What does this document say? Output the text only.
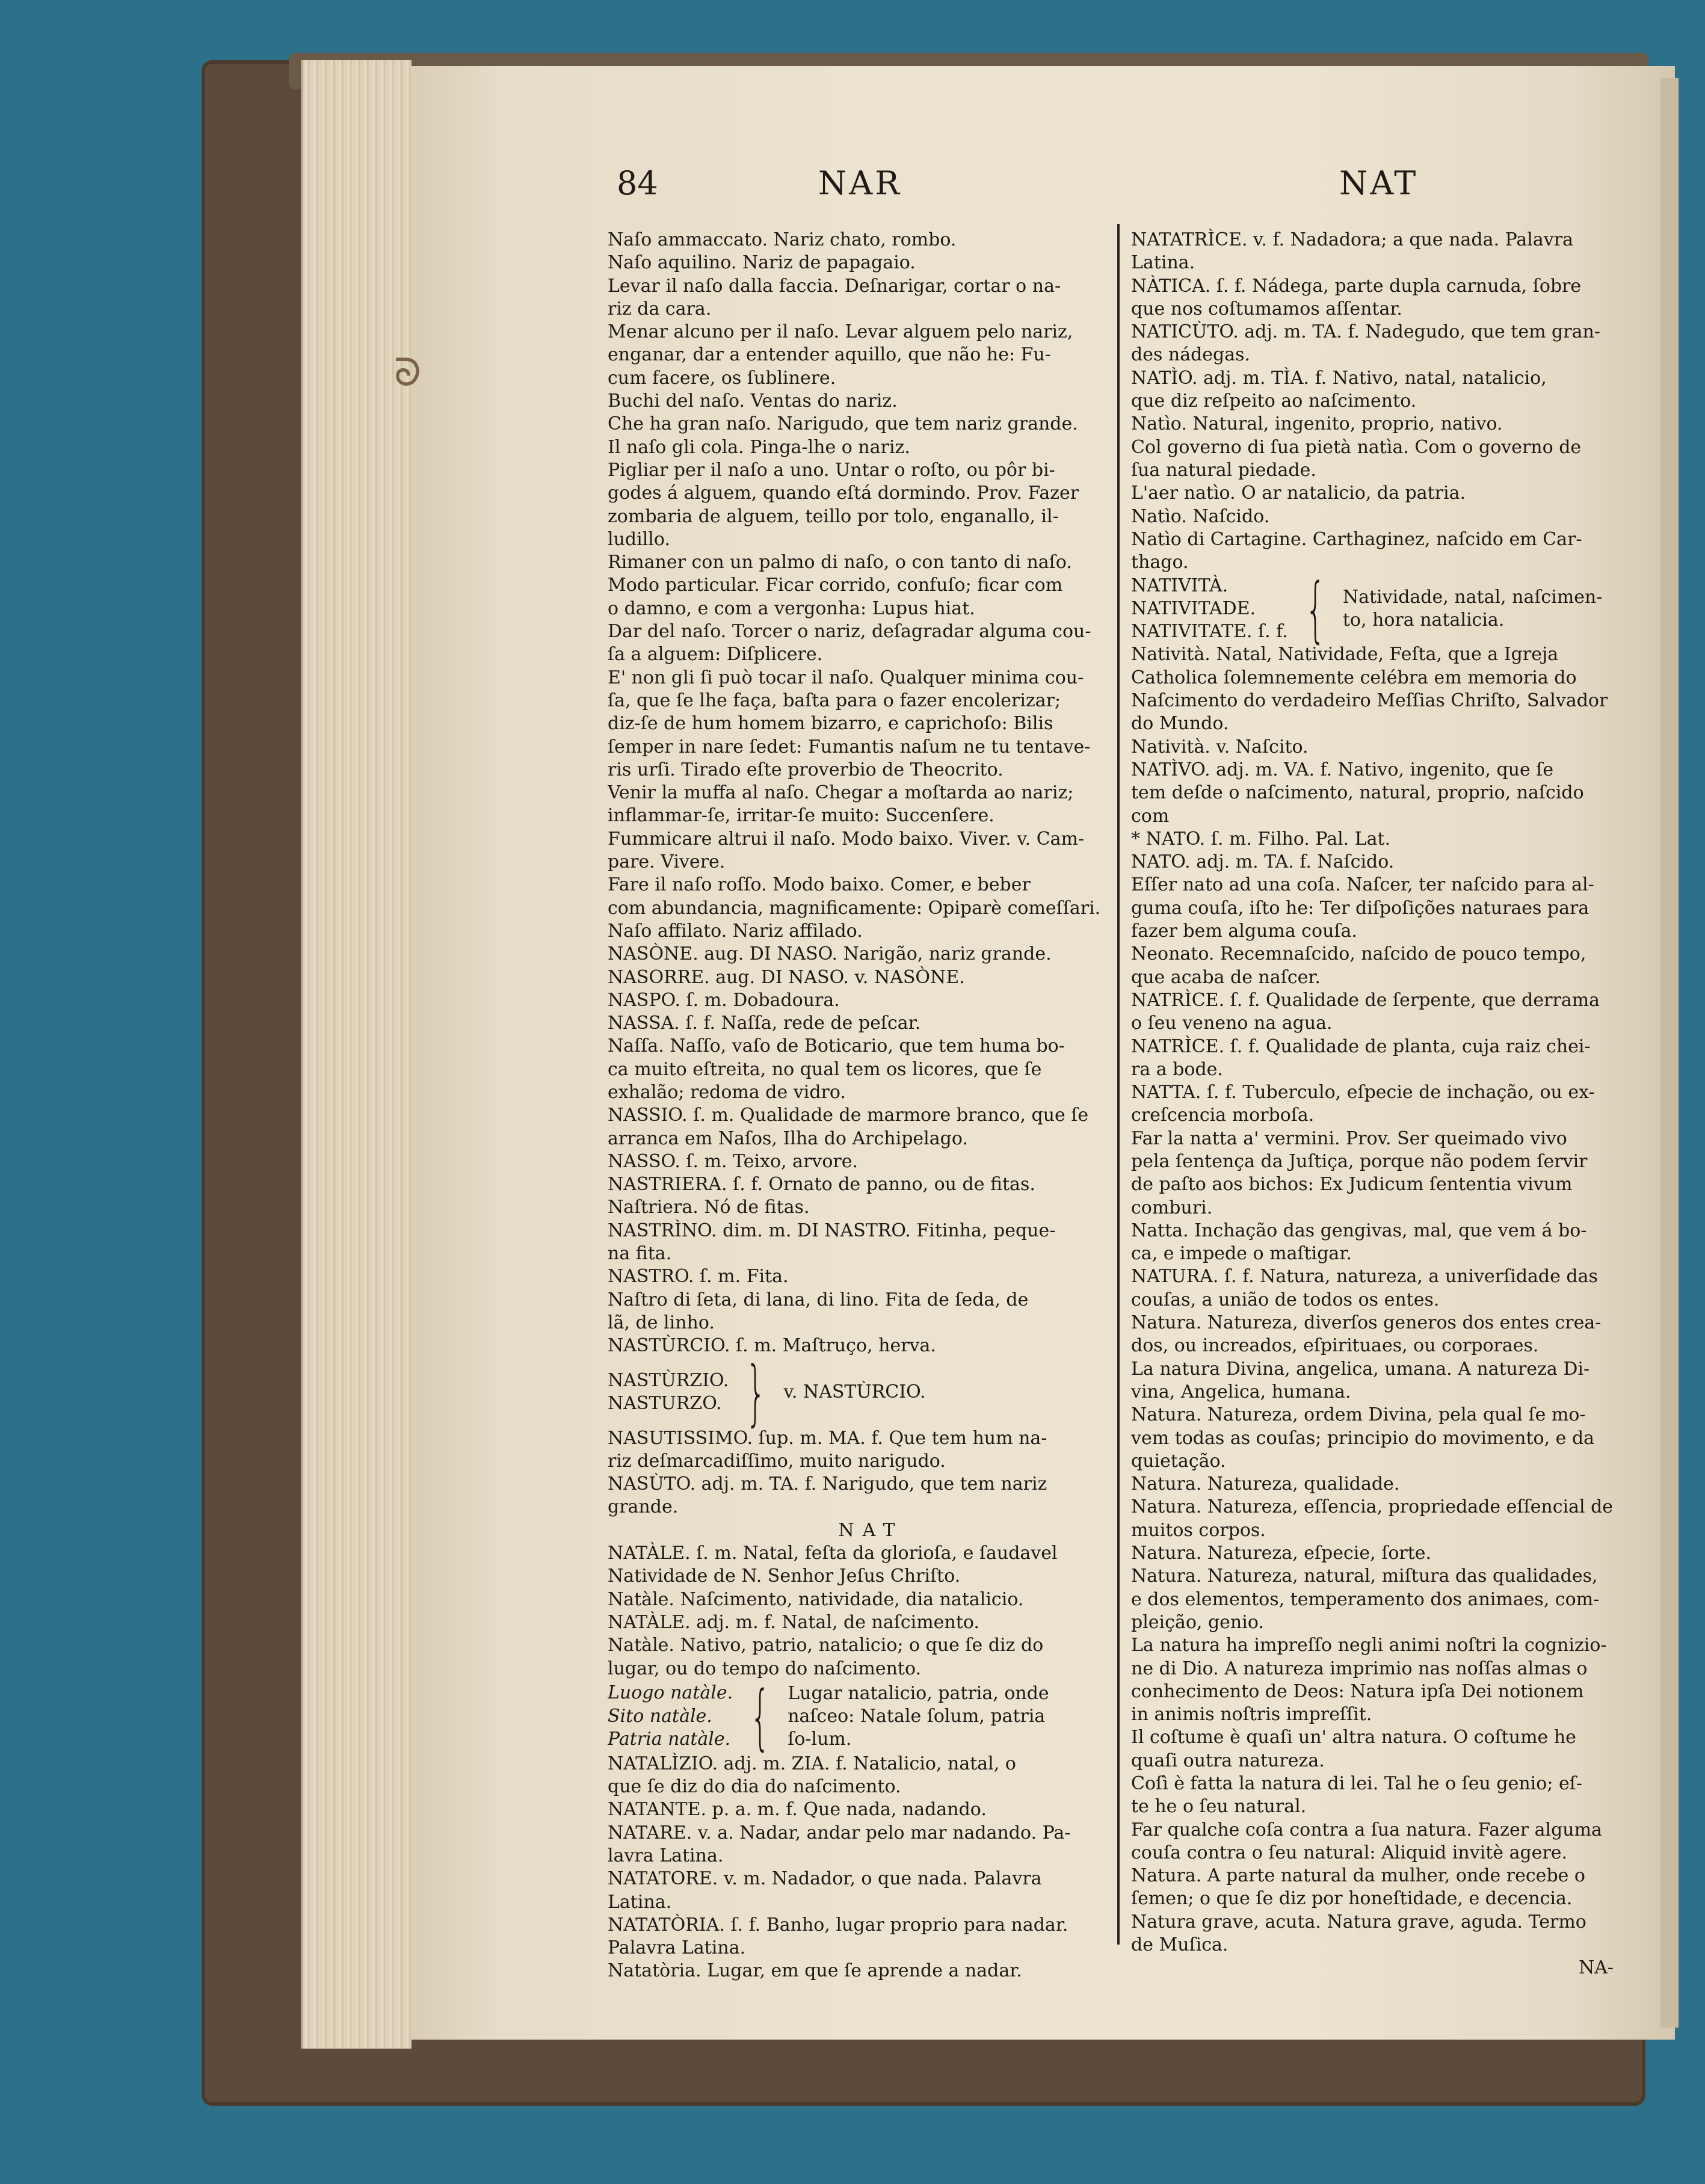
ᘐ
84	NAR	NAT
Naſo ammaccato. Nariz chato, rombo.
Naſo aquilino. Nariz de papagaio.
Levar il naſo dalla faccia. Deſnarigar, cortar o na-
riz da cara.
Menar alcuno per il naſo. Levar alguem pelo nariz,
enganar, dar a entender aquillo, que não he: Fu-
cum facere, os ſublinere.
Buchi del naſo. Ventas do nariz.
Che ha gran naſo. Narigudo, que tem nariz grande.
Il naſo gli cola. Pinga-lhe o nariz.
Pigliar per il naſo a uno. Untar o roſto, ou pôr bi-
godes á alguem, quando eſtá dormindo. Prov. Fazer
zombaria de alguem, teillo por tolo, enganallo, il-
ludillo.
Rimaner con un palmo di naſo, o con tanto di naſo.
Modo particular. Ficar corrido, confuſo; ficar com
o damno, e com a vergonha: Lupus hiat.
Dar del naſo. Torcer o nariz, deſagradar alguma cou-
ſa a alguem: Diſplicere.
E' non gli ſi può tocar il naſo. Qualquer minima cou-
ſa, que ſe lhe faça, baſta para o fazer encolerizar;
diz-ſe de hum homem bizarro, e caprichoſo: Bilis
ſemper in nare ſedet: Fumantis naſum ne tu tentave-
ris urſi. Tirado eſte proverbio de Theocrito.
Venir la muffa al naſo. Chegar a moſtarda ao nariz;
inflammar-ſe, irritar-ſe muito: Succenſere.
Fummicare altrui il naſo. Modo baixo. Viver. v. Cam-
pare. Vivere.
Fare il naſo roſſo. Modo baixo. Comer, e beber
com abundancia, magnificamente: Opiparè comeſſari.
Naſo affilato. Nariz affilado.
NASÒNE. aug. DI NASO. Narigão, nariz grande.
NASORRE. aug. DI NASO. v. NASÒNE.
NASPO. ſ. m. Dobadoura.
NASSA. ſ. f. Naſſa, rede de peſcar.
Naſſa. Naſſo, vaſo de Boticario, que tem huma bo-
ca muito eſtreita, no qual tem os licores, que ſe
exhalão; redoma de vidro.
NASSIO. ſ. m. Qualidade de marmore branco, que ſe
arranca em Naſos, Ilha do Archipelago.
NASSO. ſ. m. Teixo, arvore.
NASTRIERA. ſ. f. Ornato de panno, ou de fitas.
Naſtriera. Nó de fitas.
NASTRÌNO. dim. m. DI NASTRO. Fitinha, peque-
na fita.
NASTRO. ſ. m. Fita.
Naſtro di ſeta, di lana, di lino. Fita de ſeda, de
lã, de linho.
NASTÙRCIO. ſ. m. Maſtruço, herva.
NASTÙRZIO.
NASTURZO. } v. NASTÙRCIO.
NASUTISSIMO. ſup. m. MA. f. Que tem hum na-
riz deſmarcadiſſimo, muito narigudo.
NASÙTO. adj. m. TA. f. Narigudo, que tem nariz
grande.
NAT
NATÀLE. ſ. m. Natal, feſta da glorioſa, e ſaudavel
Natividade de N. Senhor Jeſus Chriſto.
Natàle. Naſcimento, natividade, dia natalicio.
NATÀLE. adj. m. f. Natal, de naſcimento.
Natàle. Nativo, patrio, natalicio; o que ſe diz do
lugar, ou do tempo do naſcimento.
Luogo natàle.
Sito natàle.
Patria natàle. { Lugar natalicio, patria, onde naſceo: Natale ſolum, patria ſo-lum.
NATALÌZIO. adj. m. ZIA. f. Natalicio, natal, o
que ſe diz do dia do naſcimento.
NATANTE. p. a. m. f. Que nada, nadando.
NATARE. v. a. Nadar, andar pelo mar nadando. Pa-
lavra Latina.
NATATORE. v. m. Nadador, o que nada. Palavra
Latina.
NATATÒRIA. ſ. f. Banho, lugar proprio para nadar.
Palavra Latina.
Natatòria. Lugar, em que ſe aprende a nadar.
NATATRÌCE. v. f. Nadadora; a que nada. Palavra
Latina.
NÀTICA. ſ. f. Nádega, parte dupla carnuda, ſobre
que nos coſtumamos aſſentar.
NATICÙTO. adj. m. TA. f. Nadegudo, que tem gran-
des nádegas.
NATÌO. adj. m. TÌA. f. Nativo, natal, natalicio,
que diz reſpeito ao naſcimento.
Natìo. Natural, ingenito, proprio, nativo.
Col governo di ſua pietà natìa. Com o governo de
ſua natural piedade.
L'aer natìo. O ar natalicio, da patria.
Natìo. Naſcido.
Natìo di Cartagine. Carthaginez, naſcido em Car-
thago.
NATIVITÀ.
NATIVITADE.
NATIVITATE. ſ. f. { Natividade, natal, naſcimen-to, hora natalicia.
Natività. Natal, Natividade, Feſta, que a Igreja
Catholica ſolemnemente celébra em memoria do
Naſcimento do verdadeiro Meſſias Chriſto, Salvador
do Mundo.
Natività. v. Naſcito.
NATÌVO. adj. m. VA. f. Nativo, ingenito, que ſe
tem deſde o naſcimento, natural, proprio, naſcido
com
* NATO. ſ. m. Filho. Pal. Lat.
NATO. adj. m. TA. f. Naſcido.
Eſſer nato ad una coſa. Naſcer, ter naſcido para al-
guma couſa, iſto he: Ter diſpoſições naturaes para
fazer bem alguma couſa.
Neonato. Recemnaſcido, naſcido de pouco tempo,
que acaba de naſcer.
NATRÌCE. ſ. f. Qualidade de ſerpente, que derrama
o ſeu veneno na agua.
NATRÌCE. ſ. f. Qualidade de planta, cuja raiz chei-
ra a bode.
NATTA. ſ. f. Tuberculo, eſpecie de inchação, ou ex-
creſcencia morboſa.
Far la natta a' vermini. Prov. Ser queimado vivo
pela ſentença da Juſtiça, porque não podem ſervir
de paſto aos bichos: Ex Judicum ſententia vivum
comburi.
Natta. Inchação das gengivas, mal, que vem á bo-
ca, e impede o maſtigar.
NATURA. ſ. f. Natura, natureza, a univerſidade das
couſas, a união de todos os entes.
Natura. Natureza, diverſos generos dos entes crea-
dos, ou increados, eſpirituaes, ou corporaes.
La natura Divina, angelica, umana. A natureza Di-
vina, Angelica, humana.
Natura. Natureza, ordem Divina, pela qual ſe mo-
vem todas as couſas; principio do movimento, e da
quietação.
Natura. Natureza, qualidade.
Natura. Natureza, eſſencia, propriedade eſſencial de
muitos corpos.
Natura. Natureza, eſpecie, ſorte.
Natura. Natureza, natural, miſtura das qualidades,
e dos elementos, temperamento dos animaes, com-
pleição, genio.
La natura ha impreſſo negli animi noſtri la cognizio-
ne di Dio. A natureza imprimio nas noſſas almas o
conhecimento de Deos: Natura ipſa Dei notionem
in animis noſtris impreſſit.
Il coſtume è quaſi un' altra natura. O coſtume he
quaſi outra natureza.
Coſì è fatta la natura di lei. Tal he o ſeu genio; eſ-
te he o ſeu natural.
Far qualche coſa contra a ſua natura. Fazer alguma
couſa contra o ſeu natural: Aliquid invitè agere.
Natura. A parte natural da mulher, onde recebe o
ſemen; o que ſe diz por honeſtidade, e decencia.
Natura grave, acuta. Natura grave, aguda. Termo
de Muſica.
NA-
